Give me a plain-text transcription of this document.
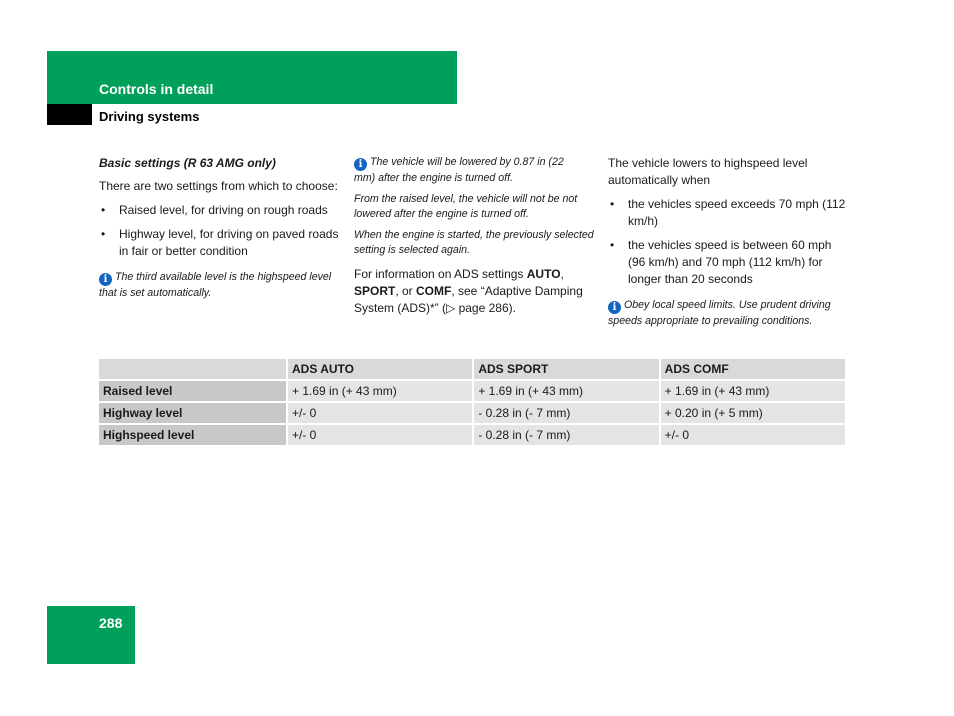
Controls in detail
Driving systems

Basic settings (R 63 AMG only)

There are two settings from which to choose:

• Raised level, for driving on rough roads
• Highway level, for driving on paved roads in fair or better condition

i The third available level is the highspeed level that is set automatically.

i The vehicle will be lowered by 0.87 in (22 mm) after the engine is turned off.

From the raised level, the vehicle will not be not lowered after the engine is turned off.

When the engine is started, the previously selected setting is selected again.

For information on ADS settings AUTO, SPORT, or COMF, see “Adaptive Damping System (ADS)*” (▷ page 286).

The vehicle lowers to highspeed level automatically when

• the vehicles speed exceeds 70 mph (112 km/h)
• the vehicles speed is between 60 mph (96 km/h) and 70 mph (112 km/h) for longer than 20 seconds

i Obey local speed limits. Use prudent driving speeds appropriate to prevailing conditions.

	ADS AUTO	ADS SPORT	ADS COMF
Raised level	+ 1.69 in (+ 43 mm)	+ 1.69 in (+ 43 mm)	+ 1.69 in (+ 43 mm)
Highway level	+/- 0	- 0.28 in (- 7 mm)	+ 0.20 in (+ 5 mm)
Highspeed level	+/- 0	- 0.28 in (- 7 mm)	+/- 0
288
